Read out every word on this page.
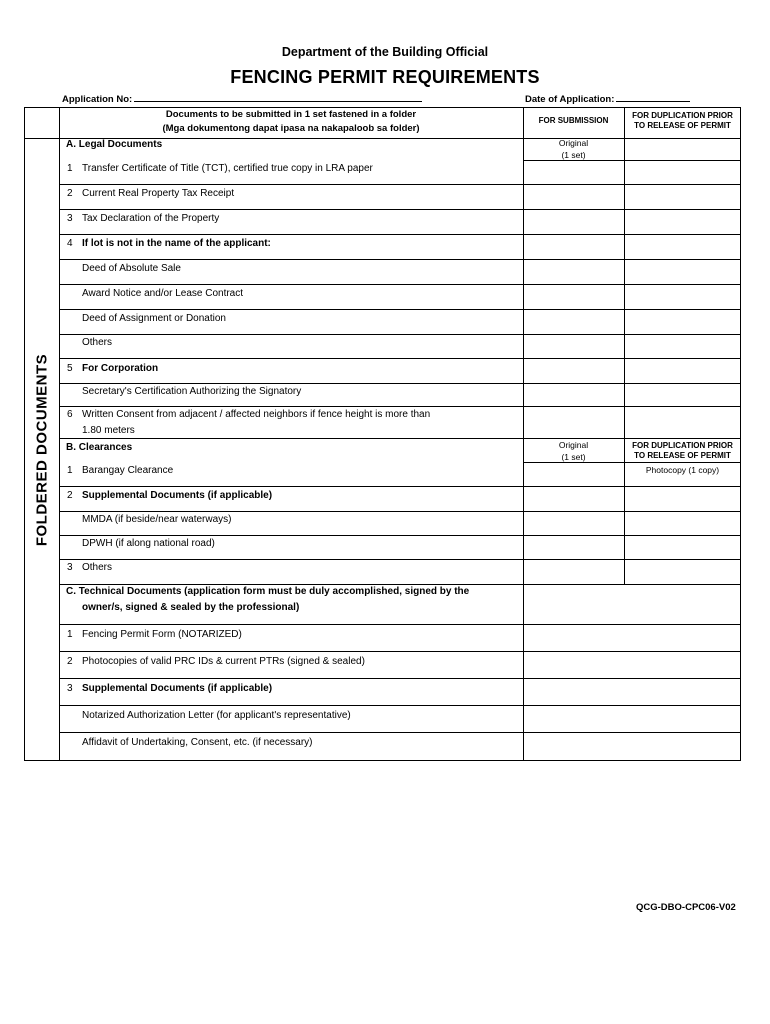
Department of the Building Official
FENCING PERMIT REQUIREMENTS
Application No:	Date of Application:
FOLDERED DOCUMENTS
Documents to be submitted in 1 set fastened in a folder
(Mga dokumentong dapat ipasa na nakapaloob sa folder)
FOR SUBMISSION
FOR DUPLICATION PRIOR
TO RELEASE OF PERMIT
Original
(1 set)
A. Legal Documents
1 Transfer Certificate of Title (TCT), certified true copy in LRA paper
2 Current Real Property Tax Receipt
3 Tax Declaration of the Property
4 If lot is not in the name of the applicant:
Deed of Absolute Sale
Award Notice and/or Lease Contract
Deed of Assignment or Donation
Others
5 For Corporation
Secretary's Certification Authorizing the Signatory
6 Written Consent from adjacent / affected neighbors if fence height is more than
1.80 meters
B. Clearances	Original
(1 set)
FOR DUPLICATION PRIOR
TO RELEASE OF PERMIT
Photocopy (1 copy)
1 Barangay Clearance
2 Supplemental Documents (if applicable)
MMDA (if beside/near waterways)
DPWH (if along national road)
3 Others
C. Technical Documents (application form must be duly accomplished, signed by the
owner/s, signed & sealed by the professional)
1 Fencing Permit Form (NOTARIZED)
2 Photocopies of valid PRC IDs & current PTRs (signed & sealed)
3 Supplemental Documents (if applicable)
Notarized Authorization Letter (for applicant's representative)
Affidavit of Undertaking, Consent, etc. (if necessary)
QCG-DBO-CPC06-V02
